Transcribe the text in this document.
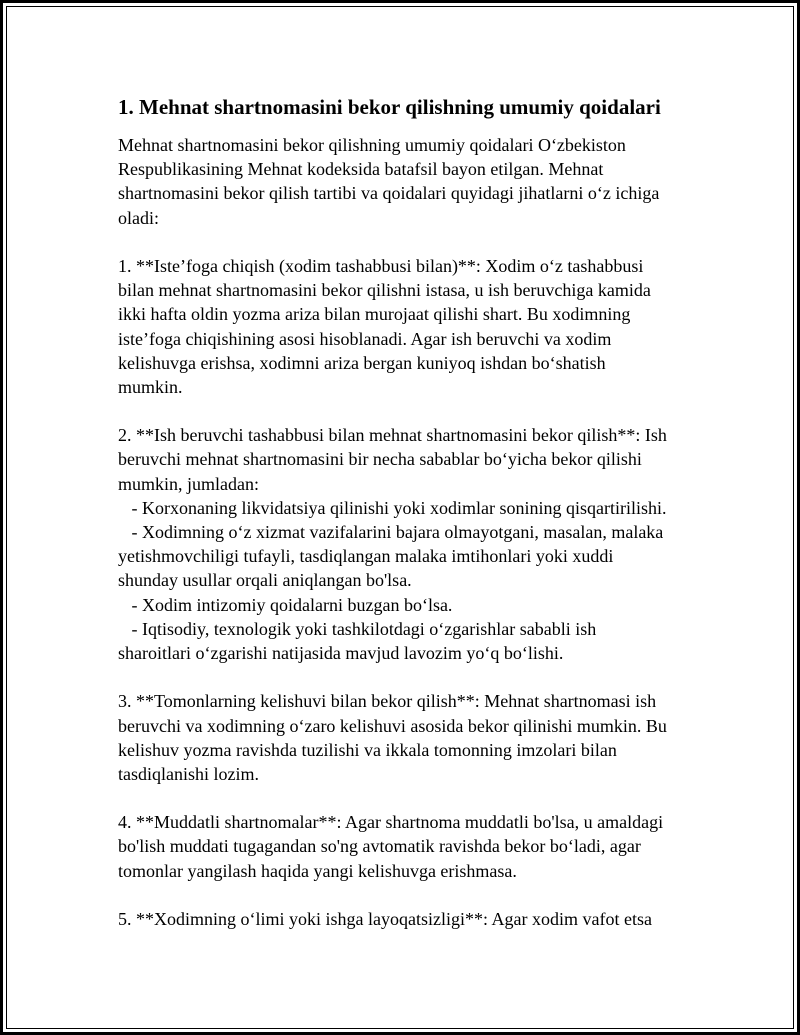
1. Mehnat shartnomasini bekor qilishning umumiy qoidalari
Mehnat shartnomasini bekor qilishning umumiy qoidalari O‘zbekiston
Respublikasining Mehnat kodeksida batafsil bayon etilgan. Mehnat
shartnomasini bekor qilish tartibi va qoidalari quyidagi jihatlarni o‘z ichiga
oladi:
1. **Iste’foga chiqish (xodim tashabbusi bilan)**: Xodim o‘z tashabbusi
bilan mehnat shartnomasini bekor qilishni istasa, u ish beruvchiga kamida
ikki hafta oldin yozma ariza bilan murojaat qilishi shart. Bu xodimning
iste’foga chiqishining asosi hisoblanadi. Agar ish beruvchi va xodim
kelishuvga erishsa, xodimni ariza bergan kuniyoq ishdan bo‘shatish
mumkin.
2. **Ish beruvchi tashabbusi bilan mehnat shartnomasini bekor qilish**: Ish
beruvchi mehnat shartnomasini bir necha sabablar bo‘yicha bekor qilishi
mumkin, jumladan:
- Korxonaning likvidatsiya qilinishi yoki xodimlar sonining qisqartirilishi.
- Xodimning o‘z xizmat vazifalarini bajara olmayotgani, masalan, malaka
yetishmovchiligi tufayli, tasdiqlangan malaka imtihonlari yoki xuddi
shunday usullar orqali aniqlangan bo'lsa.
- Xodim intizomiy qoidalarni buzgan bo‘lsa.
- Iqtisodiy, texnologik yoki tashkilotdagi o‘zgarishlar sababli ish
sharoitlari o‘zgarishi natijasida mavjud lavozim yo‘q bo‘lishi.
3. **Tomonlarning kelishuvi bilan bekor qilish**: Mehnat shartnomasi ish
beruvchi va xodimning o‘zaro kelishuvi asosida bekor qilinishi mumkin. Bu
kelishuv yozma ravishda tuzilishi va ikkala tomonning imzolari bilan
tasdiqlanishi lozim.
4. **Muddatli shartnomalar**: Agar shartnoma muddatli bo'lsa, u amaldagi
bo'lish muddati tugagandan so'ng avtomatik ravishda bekor bo‘ladi, agar
tomonlar yangilash haqida yangi kelishuvga erishmasa.
5. **Xodimning o‘limi yoki ishga layoqatsizligi**: Agar xodim vafot etsa
